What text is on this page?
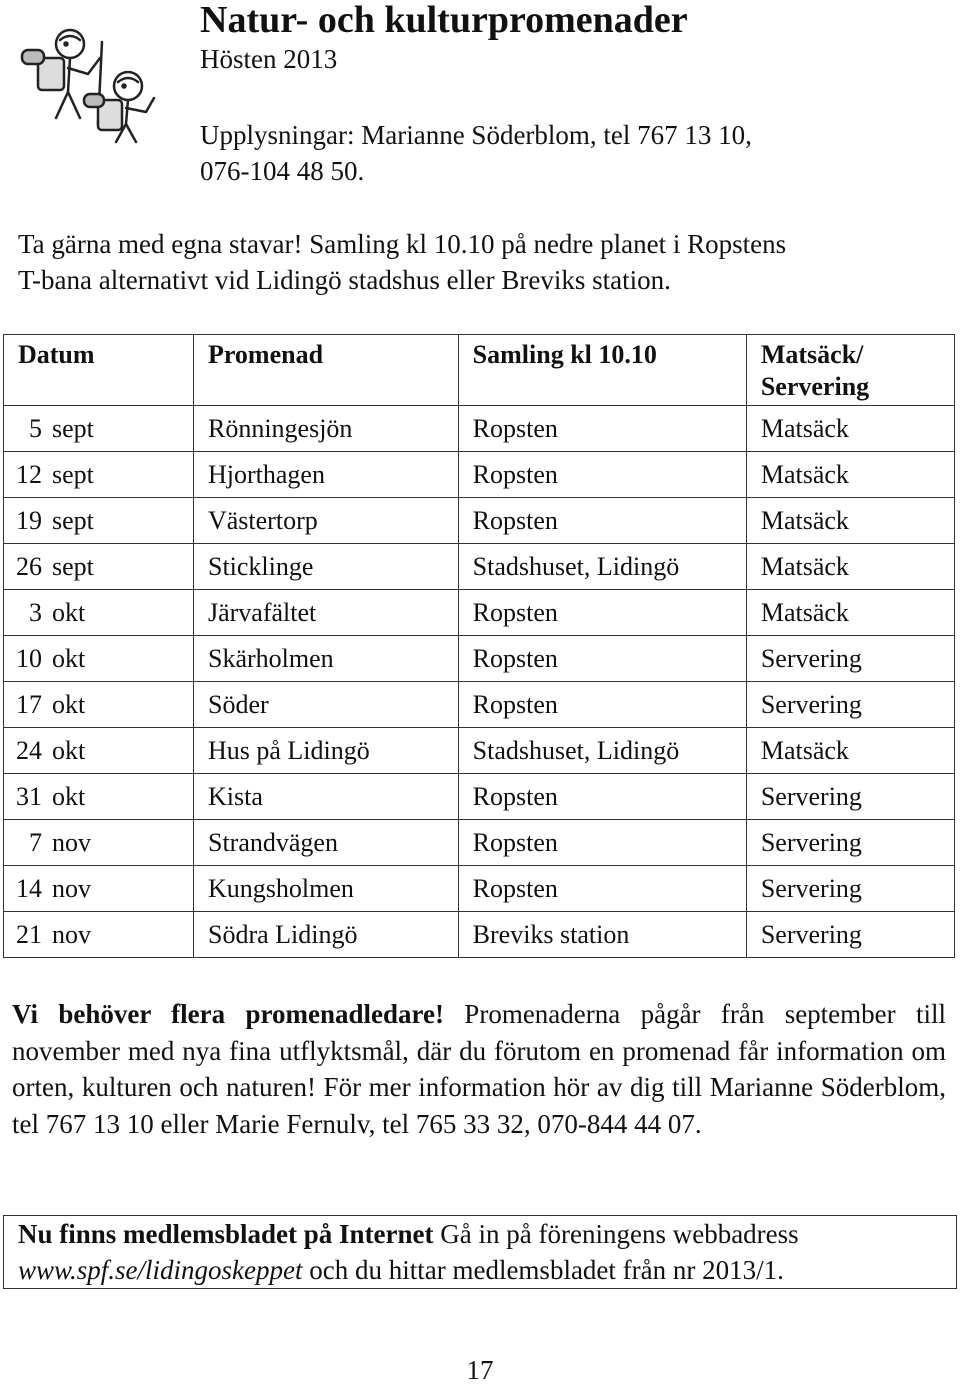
Natur- och kulturpromenader
Hösten 2013
Upplysningar: Marianne Söderblom, tel 767 13 10,
076-104 48 50.
Ta gärna med egna stavar! Samling kl 10.10 på nedre planet i Ropstens
T-bana alternativt vid Lidingö stadshus eller Breviks station.
Datum	Promenad	Samling kl 10.10	Matsäck/ Servering
5 sept	Rönningesjön	Ropsten	Matsäck
12 sept	Hjorthagen	Ropsten	Matsäck
19 sept	Västertorp	Ropsten	Matsäck
26 sept	Sticklinge	Stadshuset, Lidingö	Matsäck
3 okt	Järvafältet	Ropsten	Matsäck
10 okt	Skärholmen	Ropsten	Servering
17 okt	Söder	Ropsten	Servering
24 okt	Hus på Lidingö	Stadshuset, Lidingö	Matsäck
31 okt	Kista	Ropsten	Servering
7 nov	Strandvägen	Ropsten	Servering
14 nov	Kungsholmen	Ropsten	Servering
21 nov	Södra Lidingö	Breviks station	Servering
Vi behöver flera promenadledare! Promenaderna pågår från september till november med nya fina utflyktsmål, där du förutom en promenad får information om orten, kulturen och naturen! För mer information hör av dig till Marianne Söderblom, tel 767 13 10 eller Marie Fernulv, tel 765 33 32, 070-844 44 07.
Nu finns medlemsbladet på Internet Gå in på föreningens webbadress www.spf.se/lidingoskeppet och du hittar medlemsbladet från nr 2013/1.
17
